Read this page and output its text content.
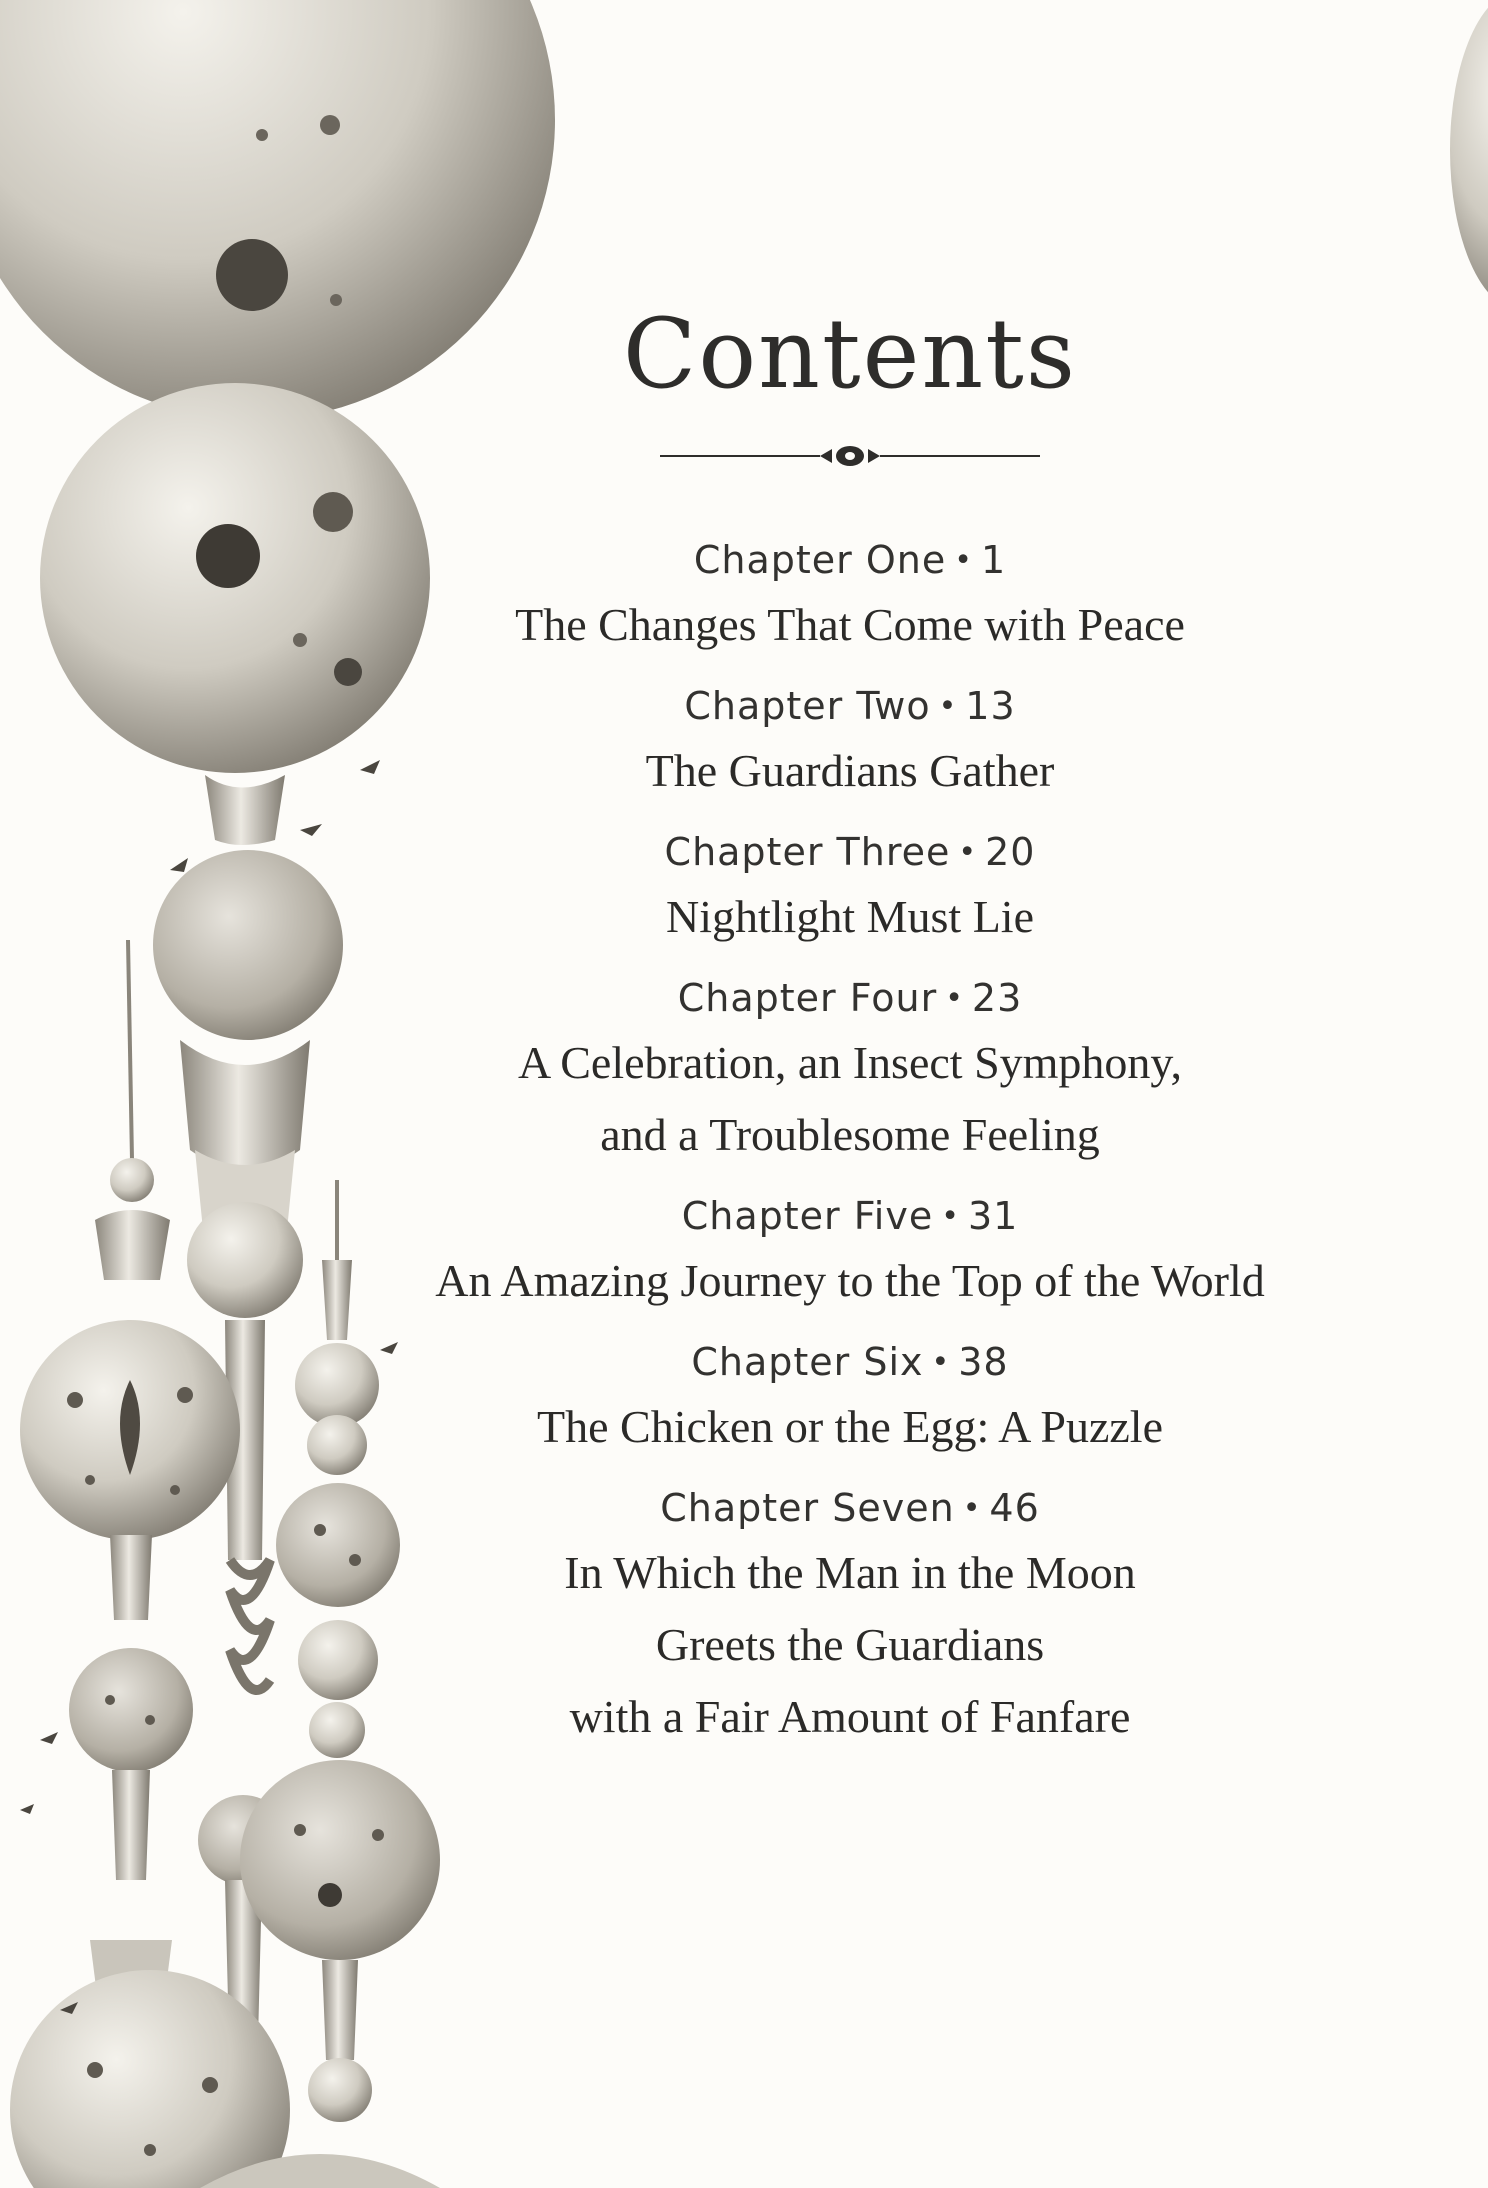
Contents
Chapter One • 1
The Changes That Come with Peace
Chapter Two • 13
The Guardians Gather
Chapter Three • 20
Nightlight Must Lie
Chapter Four • 23
A Celebration, an Insect Symphony,
and a Troublesome Feeling
Chapter Five • 31
An Amazing Journey to the Top of the World
Chapter Six • 38
The Chicken or the Egg: A Puzzle
Chapter Seven • 46
In Which the Man in the Moon
Greets the Guardians
with a Fair Amount of Fanfare
